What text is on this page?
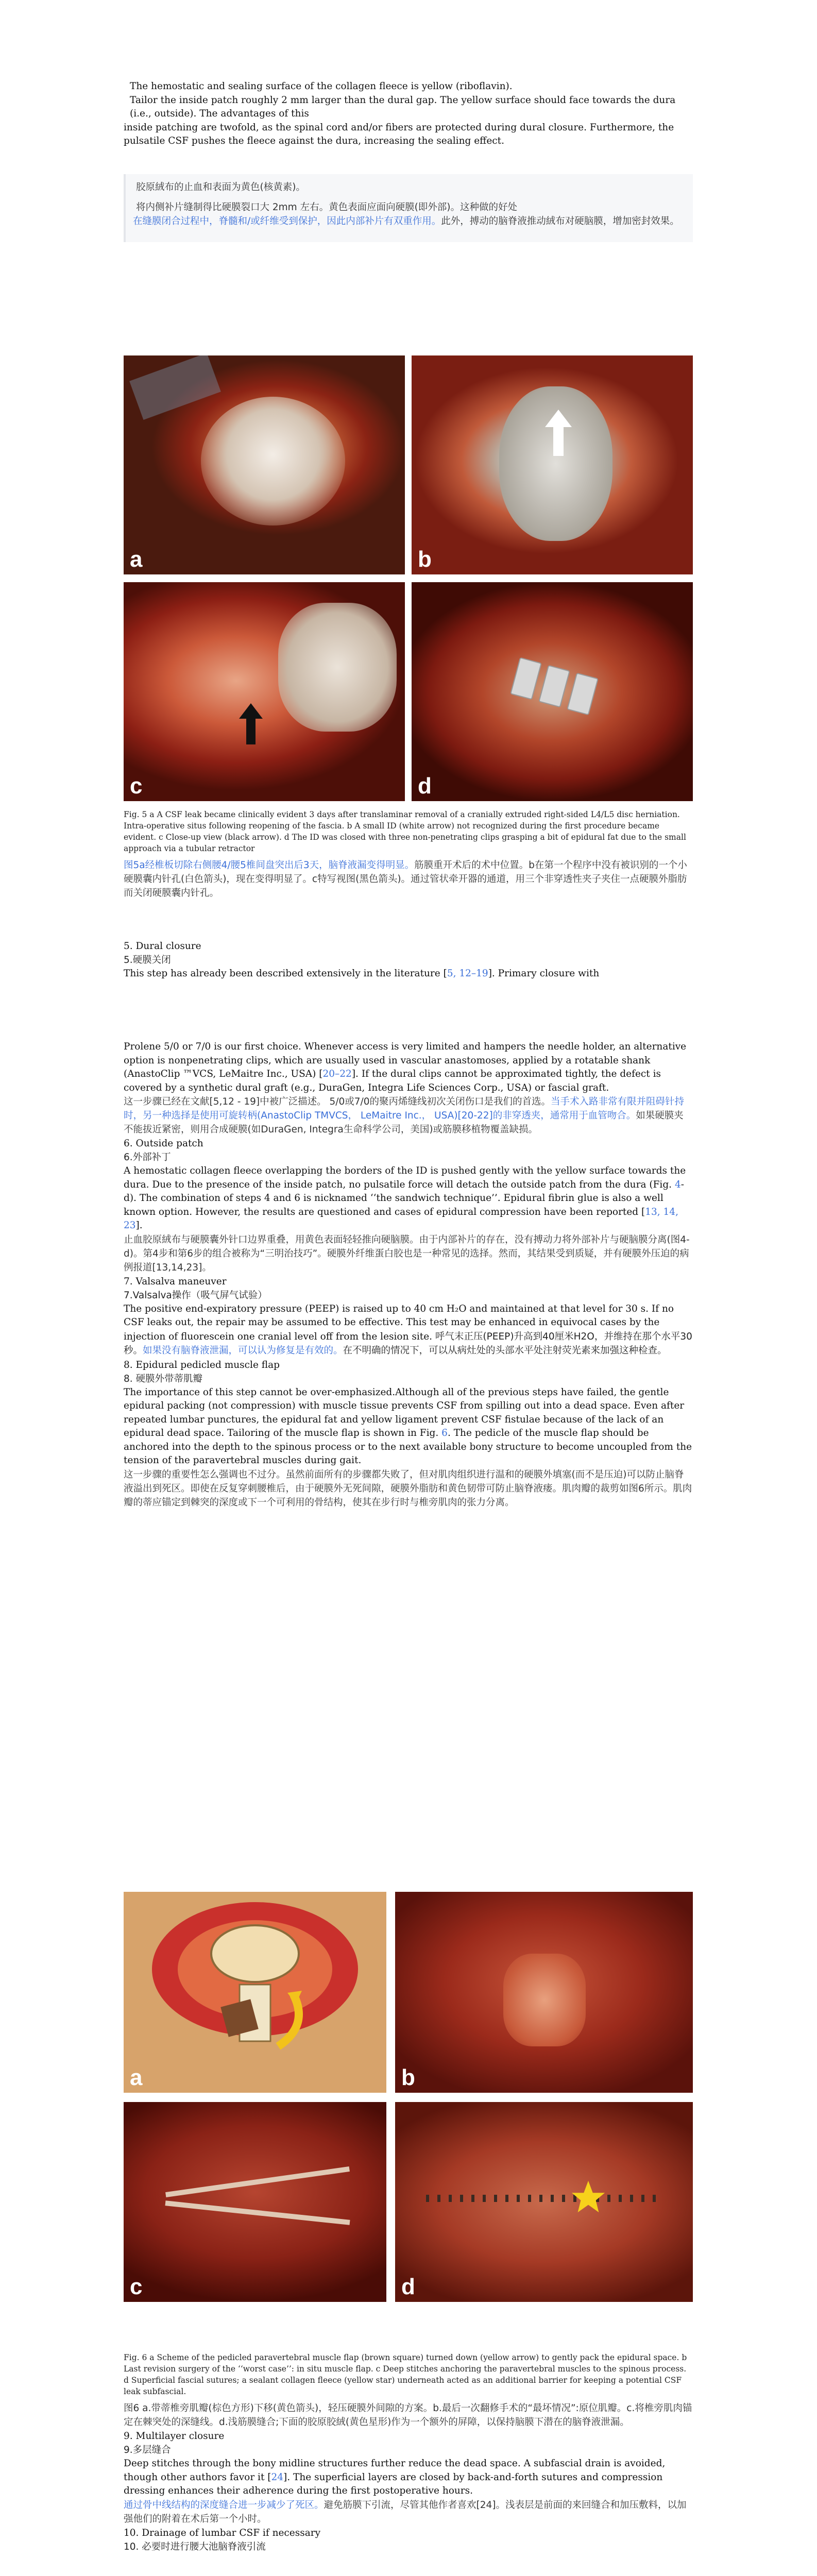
The hemostatic and sealing surface of the collagen fleece is yellow (riboflavin).

Tailor the inside patch roughly 2 mm larger than the dural gap. The yellow surface should face towards the dura (i.e., outside). The advantages of this

inside patching are twofold, as the spinal cord and/or fibers are protected during dural closure. Furthermore, the pulsatile CSF pushes the fleece against the dura, increasing the sealing effect.

胶原絨布的止血和表面为黄色(核黄素)。

将内侧补片缝制得比硬膜裂口大 2mm 左右。黄色表面应面向硬膜(即外部)。这种做的好处

在缝膜闭合过程中，脊髓和/或纤维受到保护，因此内部补片有双重作用。此外，搏动的脑脊液推动絨布对硬脑膜，增加密封效果。

a	b
c	d

Fig. 5 a A CSF leak became clinically evident 3 days after translaminar removal of a cranially extruded right-sided L4/L5 disc herniation. Intra-operative situs following reopening of the fascia. b A small ID (white arrow) not recognized during the first procedure became evident. c Close-up view (black arrow). d The ID was closed with three non-penetrating clips grasping a bit of epidural fat due to the small approach via a tubular retractor

图5a经椎板切除右侧腰4/腰5椎间盘突出后3天，脑脊液漏变得明显。筋膜重开术后的术中位置。b在第一个程序中没有被识别的一个小硬膜囊内针孔(白色箭头)，现在变得明显了。c特写视图(黑色箭头)。通过管状牵开器的通道，用三个非穿透性夹子夹住一点硬膜外脂肪而关闭硬膜囊内针孔。

5. Dural closure

5.硬膜关闭

This step has already been described extensively in the literature [5, 12–19]. Primary closure with

Prolene 5/0 or 7/0 is our first choice. Whenever access is very limited and hampers the needle holder, an alternative option is nonpenetrating clips, which are usually used in vascular anastomoses, applied by a rotatable shank (AnastoClip ™VCS, LeMaitre Inc., USA) [20–22]. If the dural clips cannot be approximated tightly, the defect is covered by a synthetic dural graft (e.g., DuraGen, Integra Life Sciences Corp., USA) or fascial graft.

这一步骤已经在文献[5,12 - 19]中被广泛描述。 5/0或7/0的聚丙烯缝线初次关闭伤口是我们的首选。当手术入路非常有限并阻碍针持时，另一种选择是使用可旋转柄(AnastoClip TMVCS， LeMaitre Inc.， USA)[20-22]的非穿透夹，通常用于血管吻合。如果硬膜夹不能拔近紧密，则用合成硬膜(如DuraGen, Integra生命科学公司，美国)或筋膜移植物覆盖缺损。

6. Outside patch

6.外部补丁

A hemostatic collagen fleece overlapping the borders of the ID is pushed gently with the yellow surface towards the dura. Due to the presence of the inside patch, no pulsatile force will detach the outside patch from the dura (Fig. 4-d). The combination of steps 4 and 6 is nicknamed ‘‘the sandwich technique’’. Epidural fibrin glue is also a well known option. However, the results are questioned and cases of epidural compression have been reported [13, 14, 23].

止血胶原絨布与硬膜囊外针口边界重叠，用黄色表面轻轻推向硬脑膜。由于内部补片的存在，没有搏动力将外部补片与硬脑膜分离(图4-d)。第4步和第6步的组合被称为“三明治技巧”。硬膜外纤维蛋白胶也是一种常见的选择。然而，其结果受到质疑，并有硬膜外压迫的病例报道[13,14,23]。

7. Valsalva maneuver

7.Valsalva操作（吸气屏气试验）

The positive end-expiratory pressure (PEEP) is raised up to 40 cm H₂O and maintained at that level for 30 s. If no CSF leaks out, the repair may be assumed to be effective. This test may be enhanced in equivocal cases by the injection of fluorescein one cranial level off from the lesion site. 呼气末正压(PEEP)升高到40厘米H2O，并维持在那个水平30秒。如果没有脑脊液泄漏，可以认为修复是有效的。在不明确的情况下，可以从病灶处的头部水平处注射荧光素来加强这种检查。

8. Epidural pedicled muscle flap

8. 硬膜外带蒂肌瓣

The importance of this step cannot be over-emphasized.Although all of the previous steps have failed, the gentle epidural packing (not compression) with muscle tissue prevents CSF from spilling out into a dead space. Even after repeated lumbar punctures, the epidural fat and yellow ligament prevent CSF fistulae because of the lack of an epidural dead space. Tailoring of the muscle flap is shown in Fig. 6. The pedicle of the muscle flap should be anchored into the depth to the spinous process or to the next available bony structure to become uncoupled from the tension of the paravertebral muscles during gait.

这一步骤的重要性怎么强调也不过分。虽然前面所有的步骤都失败了，但对肌肉组织进行温和的硬膜外填塞(而不是压迫)可以防止脑脊液溢出到死区。即使在反复穿刺腰椎后，由于硬膜外无死间隙，硬膜外脂肪和黄色韧带可防止脑脊液瘘。肌肉瓣的裁剪如图6所示。肌肉瓣的蒂应锚定到棘突的深度或下一个可利用的骨结构，使其在步行时与椎旁肌肉的张力分离。

a	b
c	d

Fig. 6 a Scheme of the pedicled paravertebral muscle flap (brown square) turned down (yellow arrow) to gently pack the epidural space. b Last revision surgery of the ‘‘worst case’’: in situ muscle flap. c Deep stitches anchoring the paravertebral muscles to the spinous process. d Superficial fascial sutures; a sealant collagen fleece (yellow star) underneath acted as an additional barrier for keeping a potential CSF leak subfascial.

图6 a.带蒂椎旁肌瓣(棕色方形)下移(黄色箭头)，轻压硬膜外间隙的方案。b.最后一次翻修手术的“最坏情况”:原位肌瓣。c.将椎旁肌肉锚定在棘突处的深缝线。d.浅筋膜缝合;下面的胶原胶絨(黄色星形)作为一个额外的屏障，以保持脑膜下潜在的脑脊液泄漏。

9. Multilayer closure

9.多层缝合

Deep stitches through the bony midline structures further reduce the dead space. A subfascial drain is avoided, though other authors favor it [24]. The superficial layers are closed by back-and-forth sutures and compression dressing enhances their adherence during the first postoperative hours.

通过骨中线结构的深度缝合进一步减少了死区。避免筋膜下引流，尽管其他作者喜欢[24]。浅表层是前面的来回缝合和加压敷料，以加强他们的附着在术后第一个小时。

10. Drainage of lumbar CSF if necessary

10. 必要时进行腰大池脑脊液引流
